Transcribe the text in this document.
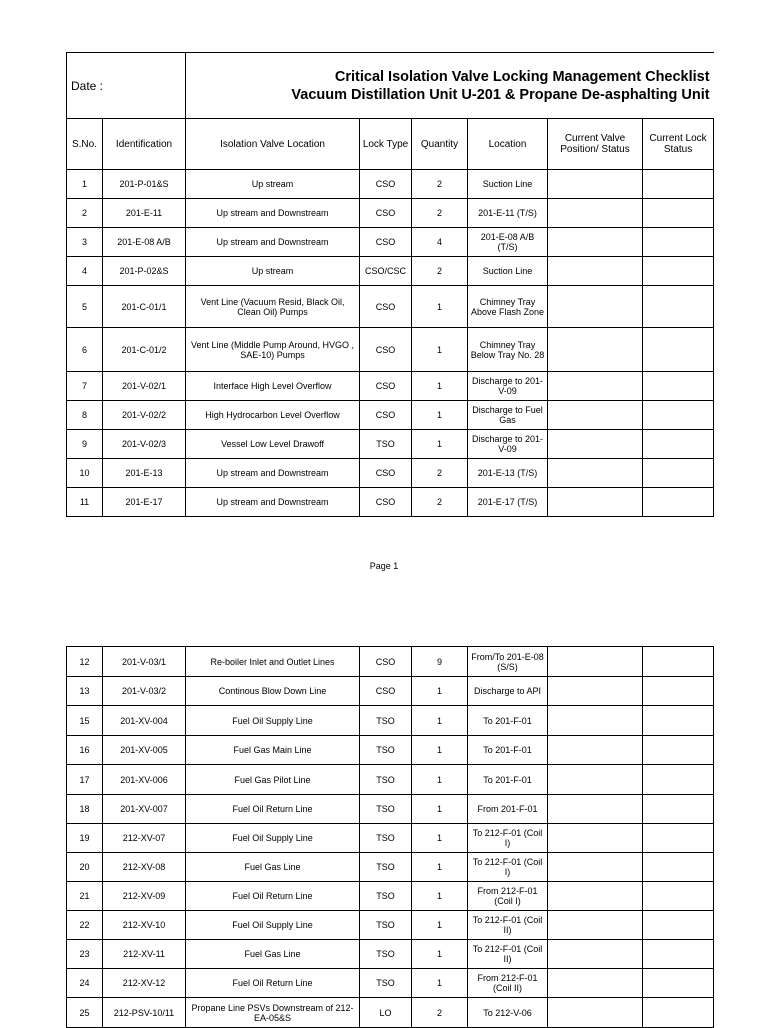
Date :		Critical Isolation Valve Locking Management Checklist
Vacuum Distillation Unit U-201 & Propane De-asphalting Unit					

S.No.	Identification	Isolation Valve Location	Lock Type	Quantity	Location	Current Valve Position/ Status	Current Lock Status
1	201-P-01&S	Up stream	CSO	2	Suction Line		
2	201-E-11	Up stream and Downstream	CSO	2	201-E-11 (T/S)		
3	201-E-08 A/B	Up stream and Downstream	CSO	4	201-E-08 A/B (T/S)		
4	201-P-02&S	Up stream	CSO/CSC	2	Suction Line		
5	201-C-01/1	Vent Line (Vacuum Resid, Black Oil, Clean Oil) Pumps	CSO	1	Chimney Tray Above Flash Zone		
6	201-C-01/2	Vent Line (Middle Pump Around, HVGO , SAE-10) Pumps	CSO	1	Chimney Tray Below Tray No. 28		
7	201-V-02/1	Interface High Level Overflow	CSO	1	Discharge to 201-V-09		
8	201-V-02/2	High Hydrocarbon Level Overflow	CSO	1	Discharge to Fuel Gas		
9	201-V-02/3	Vessel Low Level Drawoff	TSO	1	Discharge to 201-V-09		
10	201-E-13	Up stream and Downstream	CSO	2	201-E-13 (T/S)		
11	201-E-17	Up stream and Downstream	CSO	2	201-E-17 (T/S)		
Page 1
12	201-V-03/1	Re-boiler Inlet and Outlet Lines	CSO	9	From/To 201-E-08 (S/S)		
13	201-V-03/2	Continous Blow Down Line	CSO	1	Discharge to API		
15	201-XV-004	Fuel Oil Supply Line	TSO	1	To 201-F-01		
16	201-XV-005	Fuel Gas Main Line	TSO	1	To 201-F-01		
17	201-XV-006	Fuel Gas Pilot Line	TSO	1	To 201-F-01		
18	201-XV-007	Fuel Oil Return Line	TSO	1	From 201-F-01		
19	212-XV-07	Fuel Oil Supply Line	TSO	1	To 212-F-01 (Coil I)		
20	212-XV-08	Fuel Gas Line	TSO	1	To 212-F-01 (Coil I)		
21	212-XV-09	Fuel Oil Return Line	TSO	1	From 212-F-01 (Coil I)		
22	212-XV-10	Fuel Oil Supply Line	TSO	1	To 212-F-01 (Coil II)		
23	212-XV-11	Fuel Gas Line	TSO	1	To 212-F-01 (Coil II)		
24	212-XV-12	Fuel Oil Return Line	TSO	1	From 212-F-01 (Coil II)		
25	212-PSV-10/11	Propane Line PSVs Downstream of 212-EA-05&S	LO	2	To 212-V-06		
